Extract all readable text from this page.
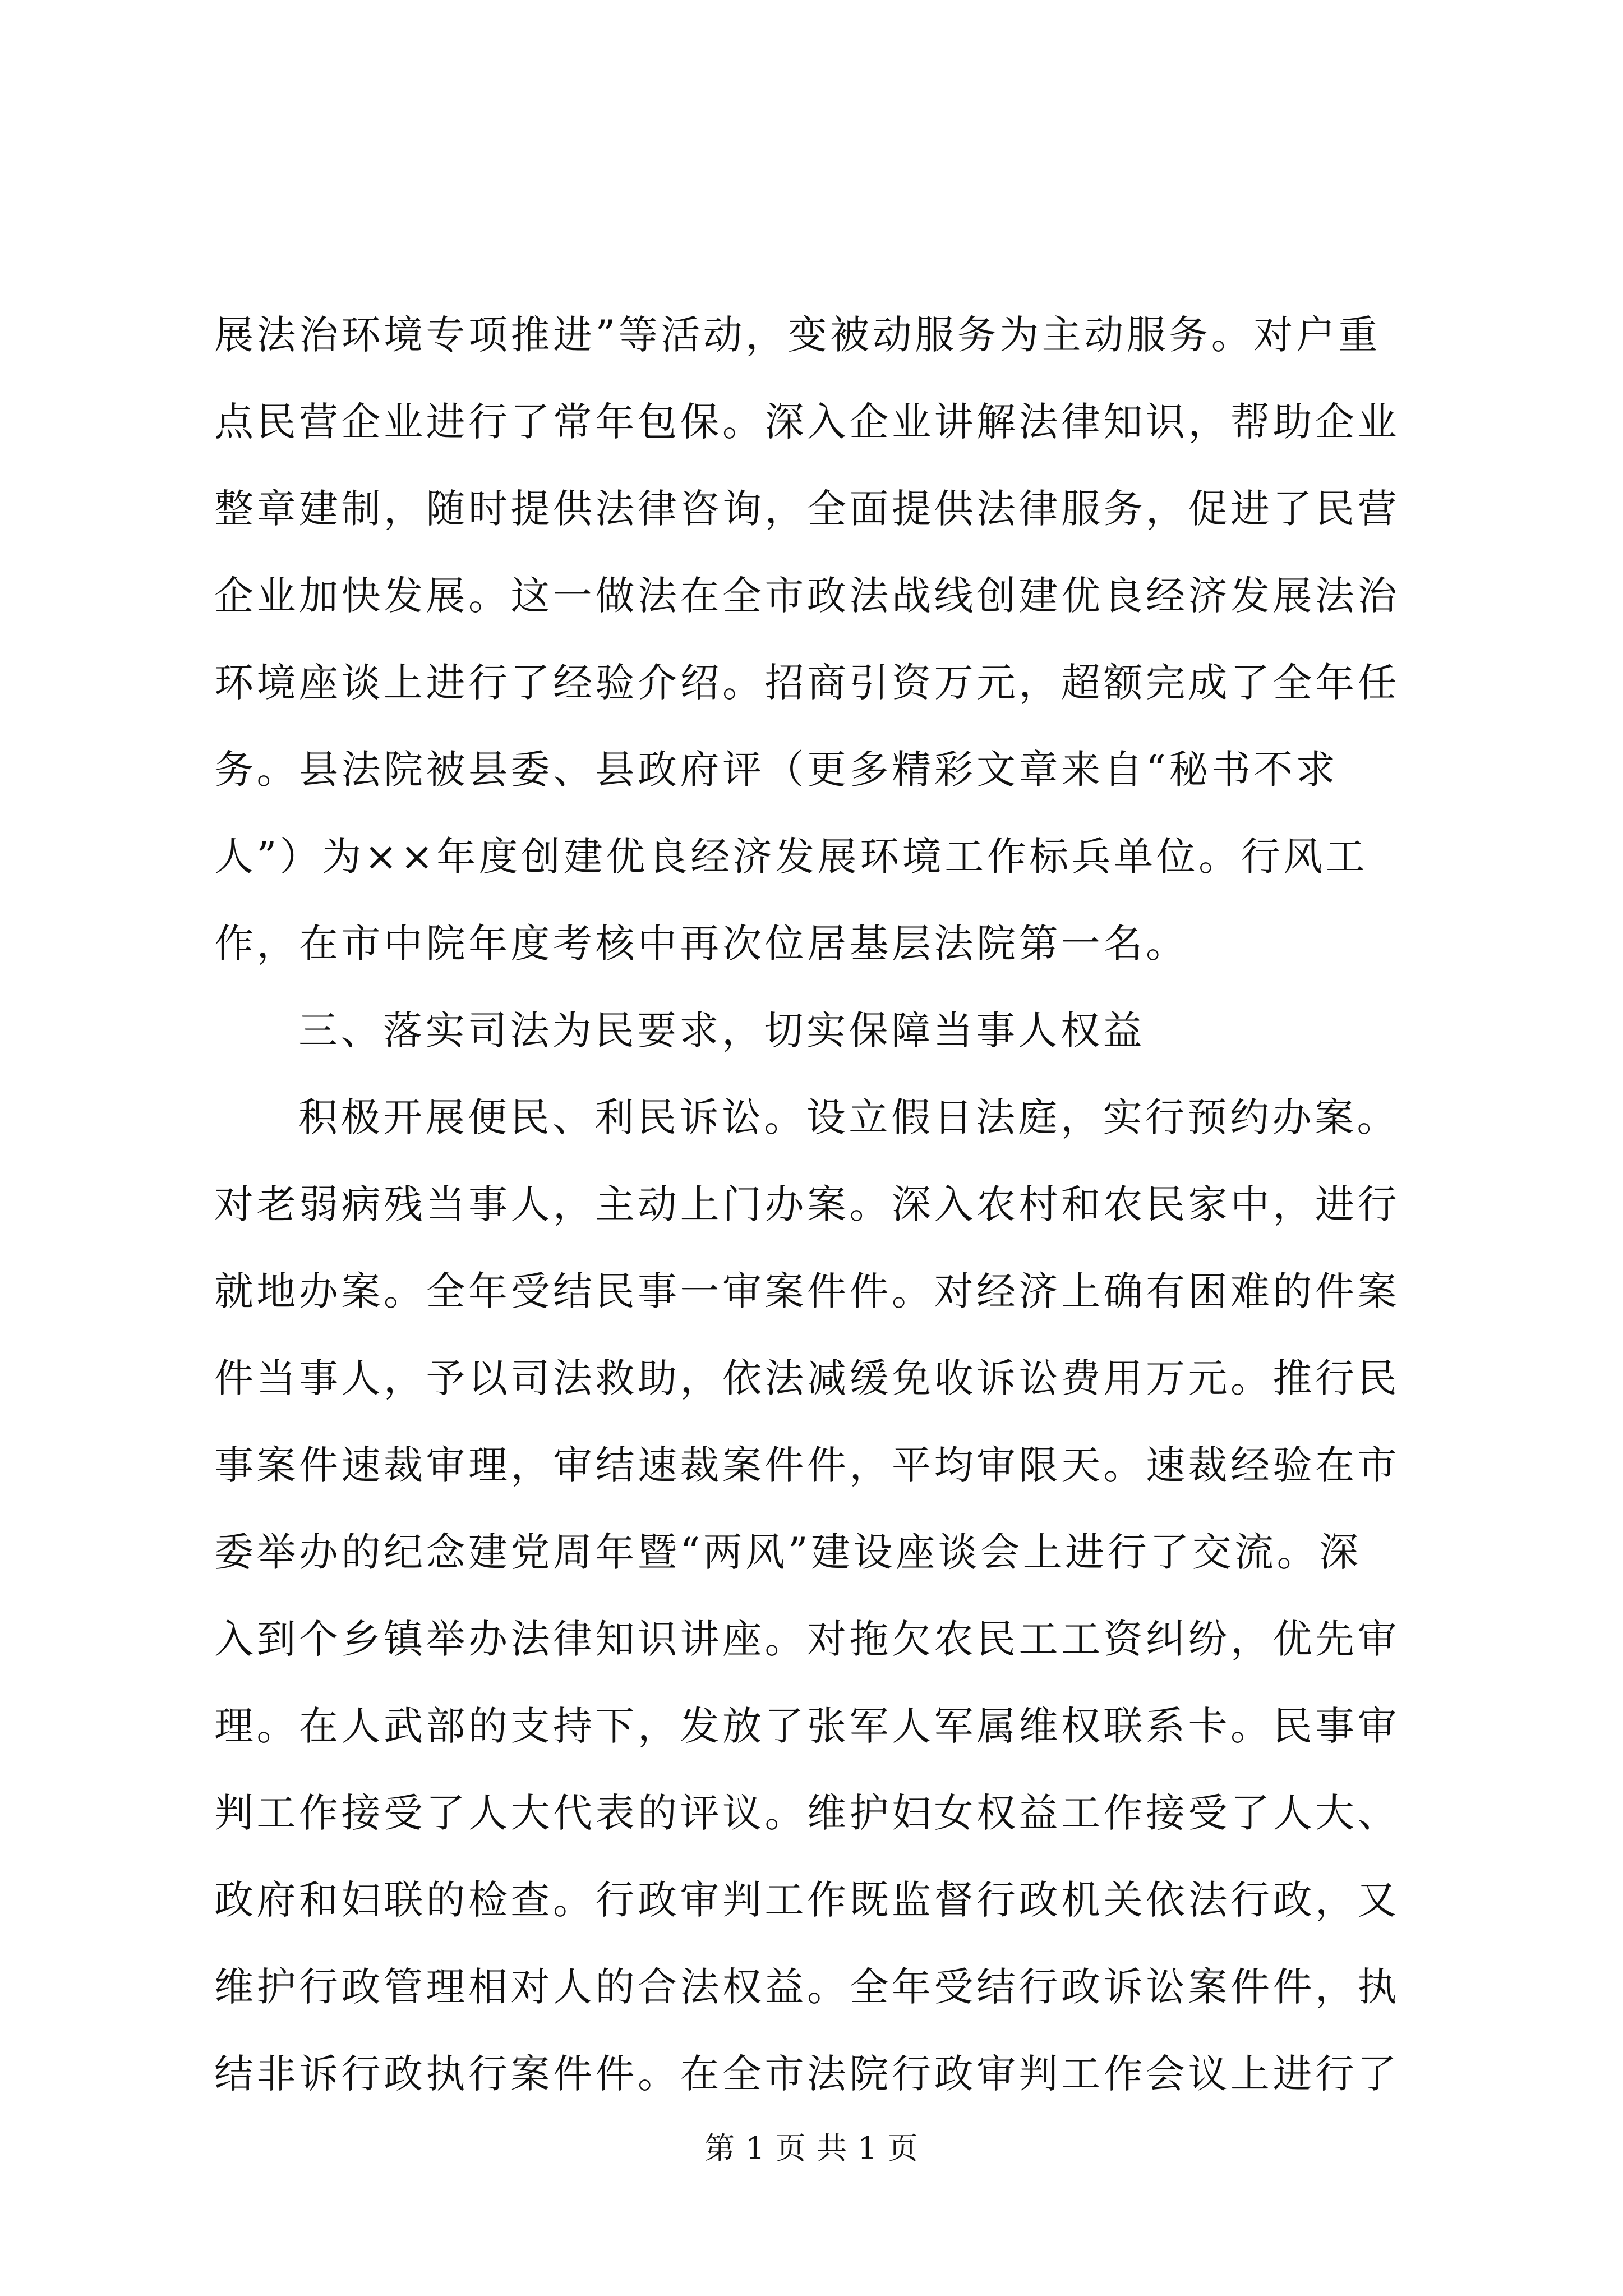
展法治环境专项推进”等活动，变被动服务为主动服务。对户重
点民营企业进行了常年包保。深入企业讲解法律知识，帮助企业
整章建制，随时提供法律咨询，全面提供法律服务，促进了民营
企业加快发展。这一做法在全市政法战线创建优良经济发展法治
环境座谈上进行了经验介绍。招商引资万元，超额完成了全年任
务。县法院被县委、县政府评（更多精彩文章来自“秘书不求
人”）为××年度创建优良经济发展环境工作标兵单位。行风工
作，在市中院年度考核中再次位居基层法院第一名。
三、落实司法为民要求，切实保障当事人权益
积极开展便民、利民诉讼。设立假日法庭，实行预约办案。
对老弱病残当事人，主动上门办案。深入农村和农民家中，进行
就地办案。全年受结民事一审案件件。对经济上确有困难的件案
件当事人，予以司法救助，依法减缓免收诉讼费用万元。推行民
事案件速裁审理，审结速裁案件件，平均审限天。速裁经验在市
委举办的纪念建党周年暨“两风”建设座谈会上进行了交流。深
入到个乡镇举办法律知识讲座。对拖欠农民工工资纠纷，优先审
理。在人武部的支持下，发放了张军人军属维权联系卡。民事审
判工作接受了人大代表的评议。维护妇女权益工作接受了人大、
政府和妇联的检查。行政审判工作既监督行政机关依法行政，又
维护行政管理相对人的合法权益。全年受结行政诉讼案件件，执
结非诉行政执行案件件。在全市法院行政审判工作会议上进行了
第 1 页 共 1 页
